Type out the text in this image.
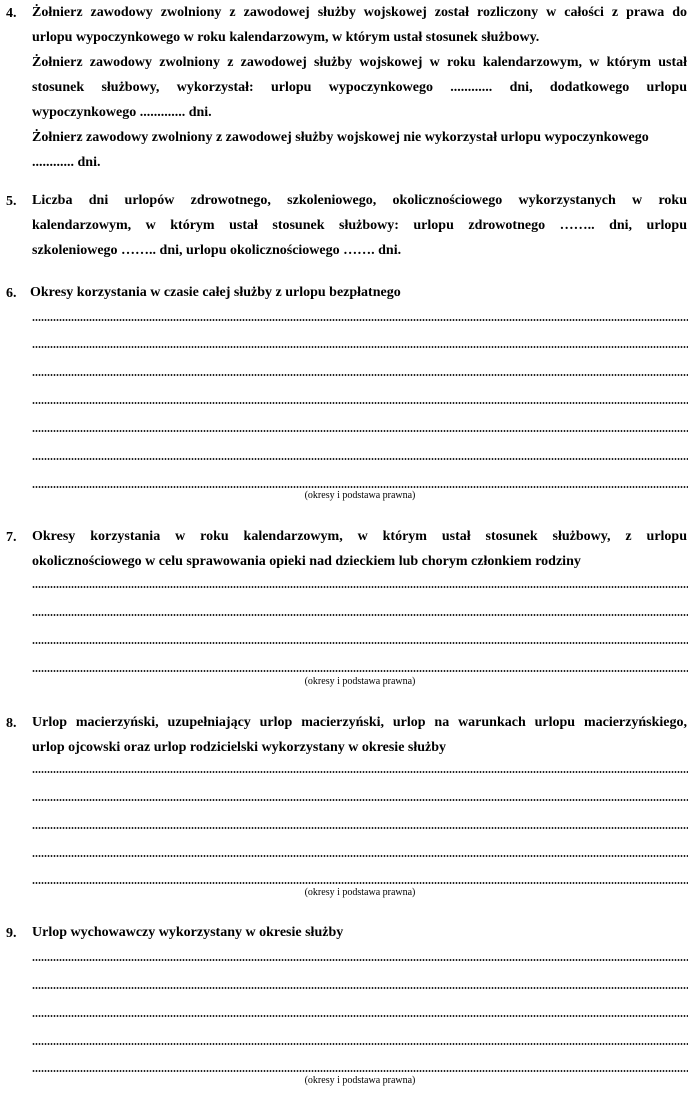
4. Żołnierz zawodowy zwolniony z zawodowej służby wojskowej został rozliczony w całości z prawa do
urlopu wypoczynkowego w roku kalendarzowym, w którym ustał stosunek służbowy.
Żołnierz zawodowy zwolniony z zawodowej służby wojskowej w roku kalendarzowym, w którym ustał
stosunek służbowy, wykorzystał: urlopu wypoczynkowego ............ dni, dodatkowego urlopu
wypoczynkowego ............. dni.
Żołnierz zawodowy zwolniony z zawodowej służby wojskowej nie wykorzystał urlopu wypoczynkowego
............ dni.
5. Liczba dni urlopów zdrowotnego, szkoleniowego, okolicznościowego wykorzystanych w roku
kalendarzowym, w którym ustał stosunek służbowy: urlopu zdrowotnego …….. dni, urlopu
szkoleniowego …….. dni, urlopu okolicznościowego ……. dni.
6. Okresy korzystania w czasie całej służby z urlopu bezpłatnego
(okresy i podstawa prawna)
7. Okresy korzystania w roku kalendarzowym, w którym ustał stosunek służbowy, z urlopu
okolicznościowego w celu sprawowania opieki nad dzieckiem lub chorym członkiem rodziny
(okresy i podstawa prawna)
8. Urlop macierzyński, uzupełniający urlop macierzyński, urlop na warunkach urlopu macierzyńskiego,
urlop ojcowski oraz urlop rodzicielski wykorzystany w okresie służby
(okresy i podstawa prawna)
9. Urlop wychowawczy wykorzystany w okresie służby
(okresy i podstawa prawna)
